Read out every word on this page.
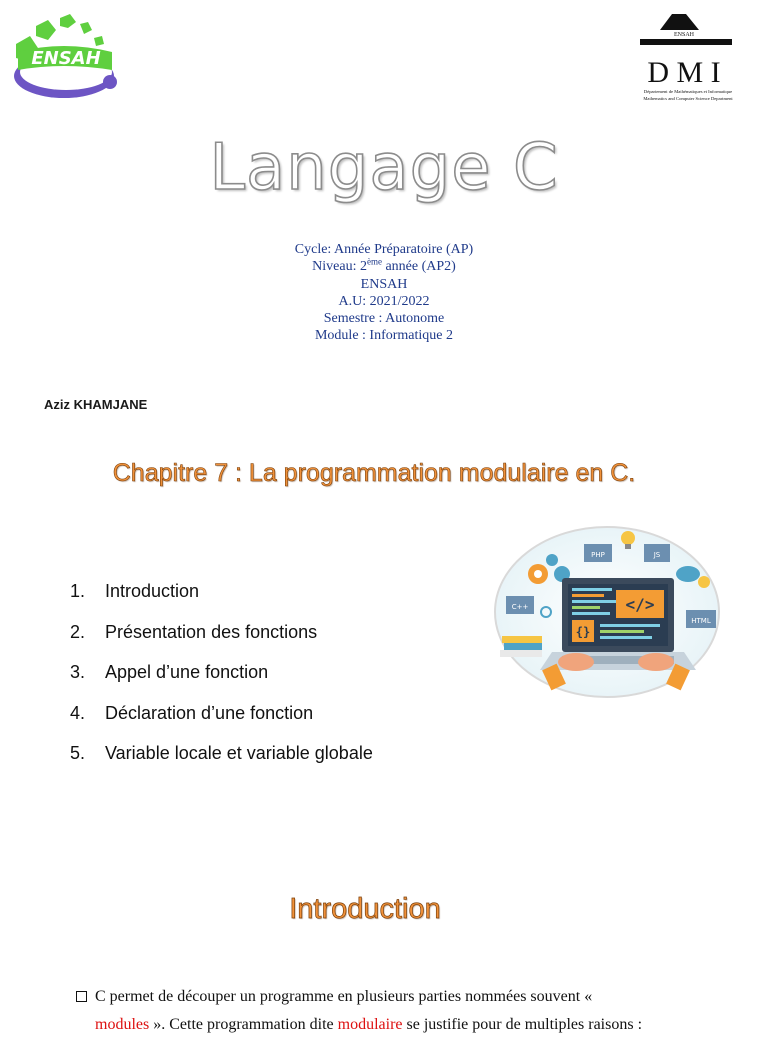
ENSAH
ENSAH
D M I
Département de Mathématiques et Informatique
Mathematics and Computer Science Department
Langage C
Cycle: Année Préparatoire (AP)
Niveau: 2ème année (AP2)
ENSAH
A.U: 2021/2022
Semestre : Autonome
Module : Informatique 2
Aziz KHAMJANE
Chapitre 7 : La programmation modulaire en C.
1.	Introduction
2.	Présentation des fonctions
3.	Appel d’une fonction
4.	Déclaration d’une fonction
5.	Variable locale et variable globale
PHP	JS
C++
HTML
</>
{}
Introduction
C permet de découper un programme en plusieurs parties nommées souvent «
modules ». Cette programmation dite modulaire se justifie pour de multiples raisons :
